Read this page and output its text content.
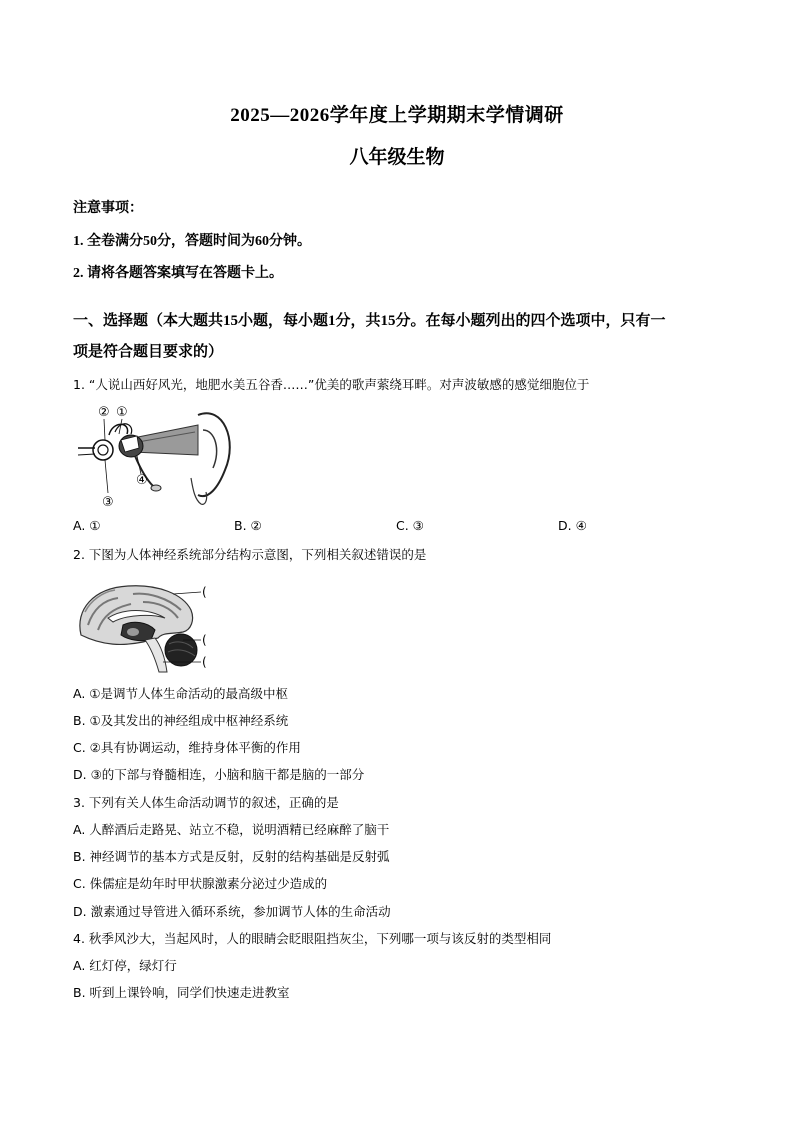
2025—2026学年度上学期期末学情调研
八年级生物
注意事项：
1. 全卷满分50分，答题时间为60分钟。
2. 请将各题答案填写在答题卡上。
一、选择题（本大题共15小题，每小题1分，共15分。在每小题列出的四个选项中，只有一
项是符合题目要求的）
1. “人说山西好风光，地肥水美五谷香……”优美的歌声萦绕耳畔。对声波敏感的感觉细胞位于
② ①
③
④
A. ①	B. ②	C. ③	D. ④
2. 下图为人体神经系统部分结构示意图，下列相关叙述错误的是
(
(
(
A. ①是调节人体生命活动的最高级中枢
B. ①及其发出的神经组成中枢神经系统
C. ②具有协调运动，维持身体平衡的作用
D. ③的下部与脊髓相连，小脑和脑干都是脑的一部分
3. 下列有关人体生命活动调节的叙述，正确的是
A. 人醉酒后走路晃、站立不稳，说明酒精已经麻醉了脑干
B. 神经调节的基本方式是反射，反射的结构基础是反射弧
C. 侏儒症是幼年时甲状腺激素分泌过少造成的
D. 激素通过导管进入循环系统，参加调节人体的生命活动
4. 秋季风沙大，当起风时，人的眼睛会眨眼阻挡灰尘，下列哪一项与该反射的类型相同
A. 红灯停，绿灯行
B. 听到上课铃响，同学们快速走进教室
